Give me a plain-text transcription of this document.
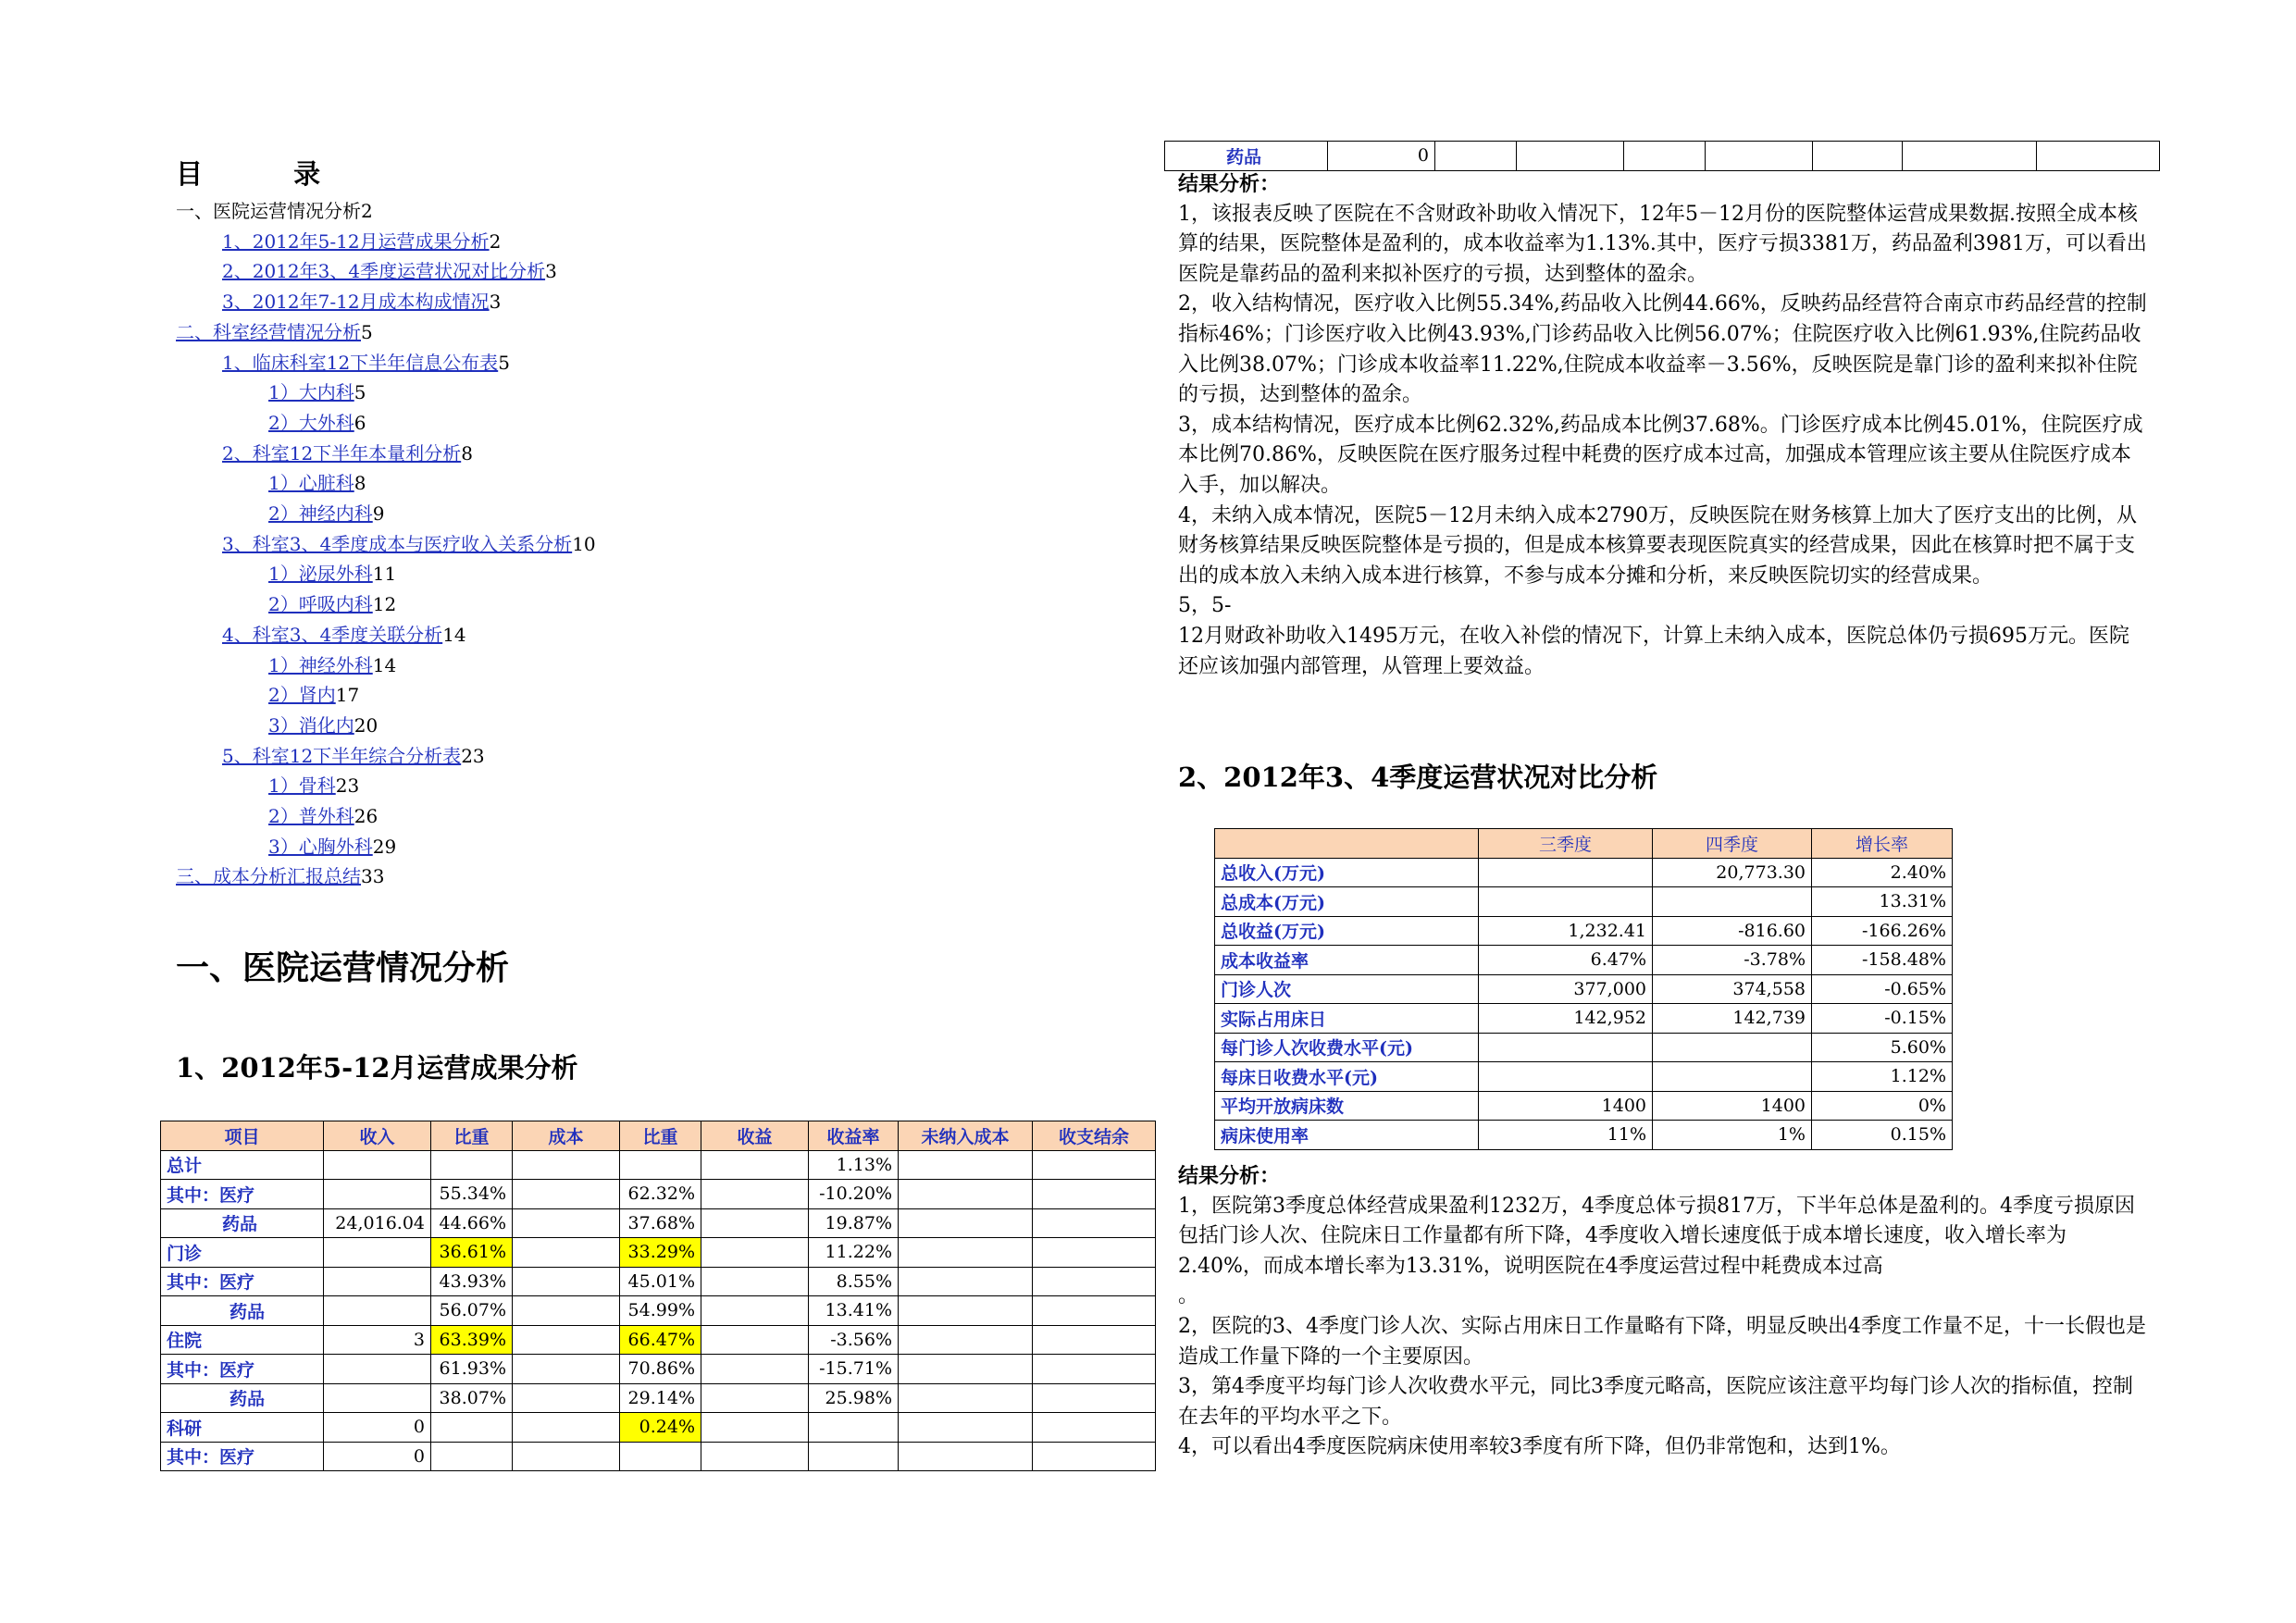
目 录
一、医院运营情况分析2
1、2012年5-12月运营成果分析2
2、2012年3、4季度运营状况对比分析3
3、2012年7-12月成本构成情况3
二、科室经营情况分析5
1、临床科室12下半年信息公布表5
1）大内科5
2）大外科6
2、科室12下半年本量利分析8
1）心脏科8
2）神经内科9
3、科室3、4季度成本与医疗收入关系分析10
1）泌尿外科11
2）呼吸内科12
4、科室3、4季度关联分析14
1）神经外科14
2）肾内17
3）消化内20
5、科室12下半年综合分析表23
1）骨科23
2）普外科26
3）心胸外科29
三、成本分析汇报总结33
一、医院运营情况分析
1、2012年5-12月运营成果分析
项目	收入	比重	成本	比重	收益	收益率	未纳入成本	收支结余
总计						1.13%		
其中：医疗		55.34%		62.32%		-10.20%		
药品	24,016.04	44.66%		37.68%		19.87%		
门诊		36.61%		33.29%		11.22%		
其中：医疗		43.93%		45.01%		8.55%		
药品		56.07%		54.99%		13.41%		
住院	3	63.39%		66.47%		-3.56%		
其中：医疗		61.93%		70.86%		-15.71%		
药品		38.07%		29.14%		25.98%		
科研	0			0.24%				
其中：医疗	0							
药品	0							
结果分析：

1，该报表反映了医院在不含财政补助收入情况下，12年5－12月份的医院整体运营成果数据.按照全成本核算的结果，医院整体是盈利的，成本收益率为1.13%.其中，医疗亏损3381万，药品盈利3981万，可以看出医院是靠药品的盈利来拟补医疗的亏损，达到整体的盈余。

2，收入结构情况，医疗收入比例55.34%,药品收入比例44.66%，反映药品经营符合南京市药品经营的控制指标46%；门诊医疗收入比例43.93%,门诊药品收入比例56.07%；住院医疗收入比例61.93%,住院药品收入比例38.07%；门诊成本收益率11.22%,住院成本收益率－3.56%，反映医院是靠门诊的盈利来拟补住院的亏损，达到整体的盈余。

3，成本结构情况，医疗成本比例62.32%,药品成本比例37.68%。门诊医疗成本比例45.01%，住院医疗成本比例70.86%，反映医院在医疗服务过程中耗费的医疗成本过高，加强成本管理应该主要从住院医疗成本入手，加以解决。

4，未纳入成本情况，医院5－12月未纳入成本2790万，反映医院在财务核算上加大了医疗支出的比例，从财务核算结果反映医院整体是亏损的，但是成本核算要表现医院真实的经营成果，因此在核算时把不属于支出的成本放入未纳入成本进行核算，不参与成本分摊和分析，来反映医院切实的经营成果。

5，5-

12月财政补助收入1495万元，在收入补偿的情况下，计算上未纳入成本，医院总体仍亏损695万元。医院还应该加强内部管理，从管理上要效益。

2、2012年3、4季度运营状况对比分析
	三季度	四季度	增长率
总收入(万元)		20,773.30	2.40%
总成本(万元)			13.31%
总收益(万元)	1,232.41	-816.60	-166.26%
成本收益率	6.47%	-3.78%	-158.48%
门诊人次	377,000	374,558	-0.65%
实际占用床日	142,952	142,739	-0.15%
每门诊人次收费水平(元)			5.60%
每床日收费水平(元)			1.12%
平均开放病床数	1400	1400	0%
病床使用率	11%	1%	0.15%
结果分析：

1，医院第3季度总体经营成果盈利1232万，4季度总体亏损817万，下半年总体是盈利的。4季度亏损原因包括门诊人次、住院床日工作量都有所下降，4季度收入增长速度低于成本增长速度，收入增长率为2.40%，而成本增长率为13.31%，说明医院在4季度运营过程中耗费成本过高

。

2，医院的3、4季度门诊人次、实际占用床日工作量略有下降，明显反映出4季度工作量不足，十一长假也是造成工作量下降的一个主要原因。

3，第4季度平均每门诊人次收费水平元，同比3季度元略高，医院应该注意平均每门诊人次的指标值，控制在去年的平均水平之下。

4，可以看出4季度医院病床使用率较3季度有所下降，但仍非常饱和，达到1%。
